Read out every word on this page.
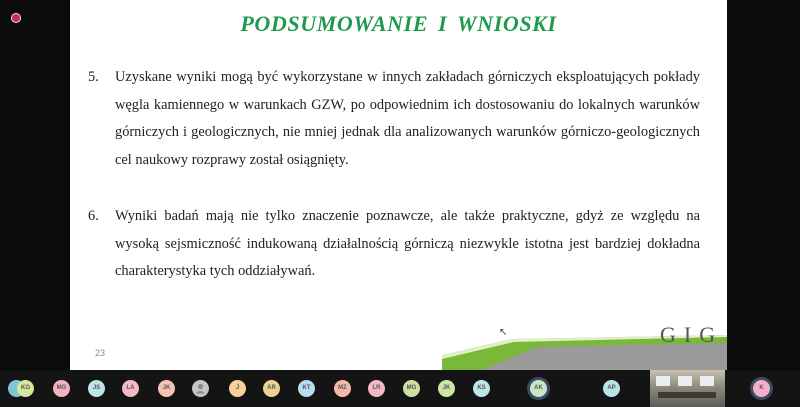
PODSUMOWANIE I WNIOSKI
5. Uzyskane wyniki mogą być wykorzystane w innych zakładach górniczych eksploatujących pokłady węgla kamiennego w warunkach GZW, po odpowiednim ich dostosowaniu do lokalnych warunków górniczych i geologicznych, nie mniej jednak dla analizowanych warunków górniczo-geologicznych cel naukowy rozprawy został osiągnięty.
6. Wyniki badań mają nie tylko znaczenie poznawcze, ale także praktyczne, gdyż ze względu na wysoką sejsmiczność indukowaną działalnością górniczą niezwykle istotna jest bardziej dokładna charakterystyka tych oddziaływań.
23
↖	GIG
KG	MG	JS	LA	JK	J	AR	KT	MZ	LR	MG	JK	KS	AK	AP	K
